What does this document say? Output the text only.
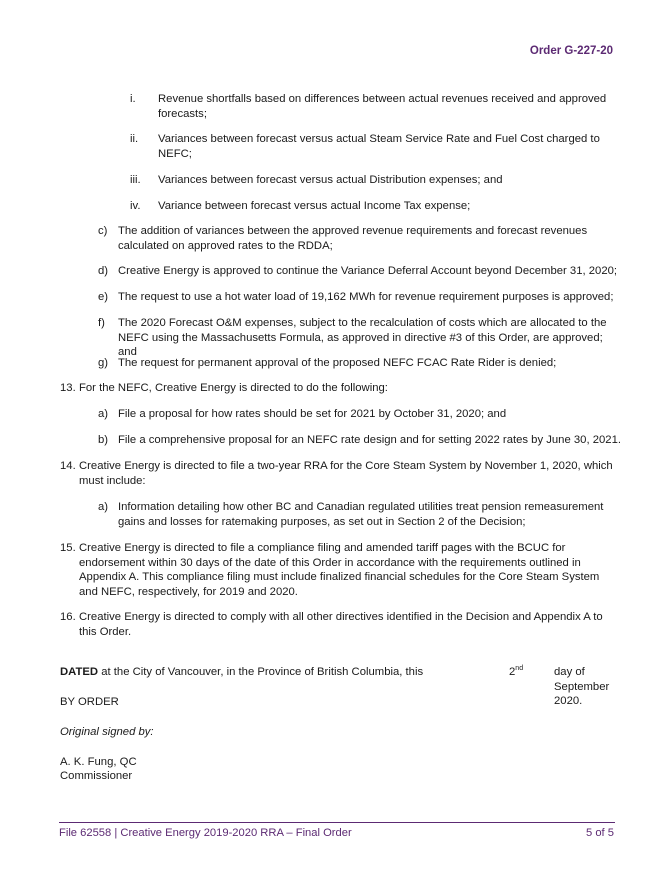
Order G-227-20
i. Revenue shortfalls based on differences between actual revenues received and approved forecasts;
ii. Variances between forecast versus actual Steam Service Rate and Fuel Cost charged to NEFC;
iii. Variances between forecast versus actual Distribution expenses; and
iv. Variance between forecast versus actual Income Tax expense;
c) The addition of variances between the approved revenue requirements and forecast revenues calculated on approved rates to the RDDA;
d) Creative Energy is approved to continue the Variance Deferral Account beyond December 31, 2020;
e) The request to use a hot water load of 19,162 MWh for revenue requirement purposes is approved;
f) The 2020 Forecast O&M expenses, subject to the recalculation of costs which are allocated to the NEFC using the Massachusetts Formula, as approved in directive #3 of this Order, are approved; and
g) The request for permanent approval of the proposed NEFC FCAC Rate Rider is denied;
13. For the NEFC, Creative Energy is directed to do the following:
a) File a proposal for how rates should be set for 2021 by October 31, 2020; and
b) File a comprehensive proposal for an NEFC rate design and for setting 2022 rates by June 30, 2021.
14. Creative Energy is directed to file a two-year RRA for the Core Steam System by November 1, 2020, which must include:
a) Information detailing how other BC and Canadian regulated utilities treat pension remeasurement gains and losses for ratemaking purposes, as set out in Section 2 of the Decision;
15. Creative Energy is directed to file a compliance filing and amended tariff pages with the BCUC for endorsement within 30 days of the date of this Order in accordance with the requirements outlined in Appendix A. This compliance filing must include finalized financial schedules for the Core Steam System and NEFC, respectively, for 2019 and 2020.
16. Creative Energy is directed to comply with all other directives identified in the Decision and Appendix A to this Order.
DATED at the City of Vancouver, in the Province of British Columbia, this	2nd	day of September 2020.
BY ORDER
Original signed by:
A. K. Fung, QC
Commissioner
File 62558 | Creative Energy 2019-2020 RRA – Final Order	5 of 5
